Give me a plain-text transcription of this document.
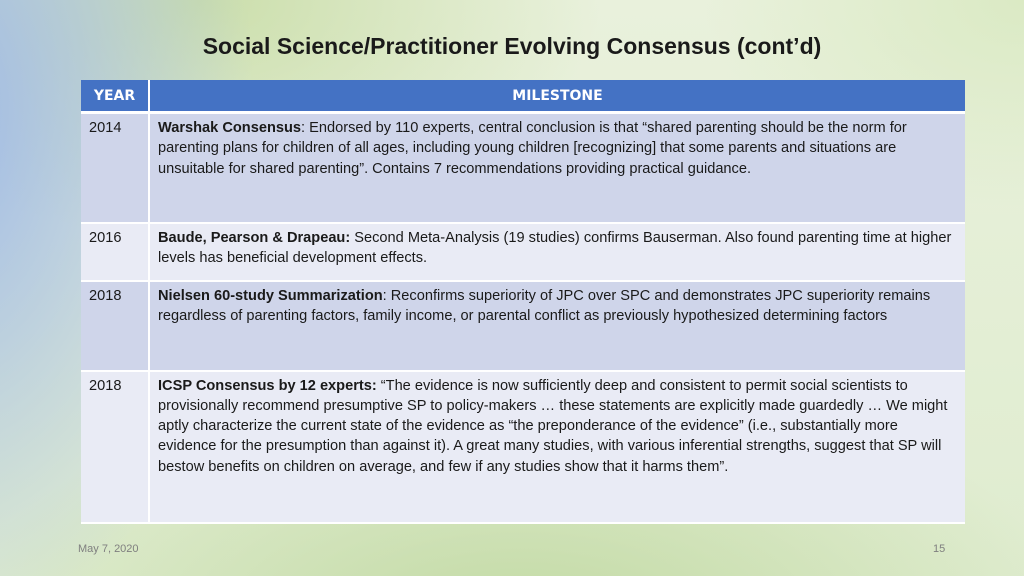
Social Science/Practitioner Evolving Consensus (cont’d)
YEAR	MILESTONE
2014	Warshak Consensus: Endorsed by 110 experts, central conclusion is that “shared parenting should be the norm for parenting plans for children of all ages, including young children [recognizing] that some parents and situations are unsuitable for shared parenting”. Contains 7 recommendations providing practical guidance.
2016	Baude, Pearson & Drapeau: Second Meta-Analysis (19 studies) confirms Bauserman. Also found parenting time at higher levels has beneficial development effects.
2018	Nielsen 60-study Summarization: Reconfirms superiority of JPC over SPC and demonstrates JPC superiority remains regardless of parenting factors, family income, or parental conflict as previously hypothesized determining factors
2018	ICSP Consensus by 12 experts: “The evidence is now sufficiently deep and consistent to permit social scientists to provisionally recommend presumptive SP to policy-makers … these statements are explicitly made guardedly … We might aptly characterize the current state of the evidence as “the preponderance of the evidence” (i.e., substantially more evidence for the presumption than against it). A great many studies, with various inferential strengths, suggest that SP will bestow benefits on children on average, and few if any studies show that it harms them”.
May 7, 2020	15
